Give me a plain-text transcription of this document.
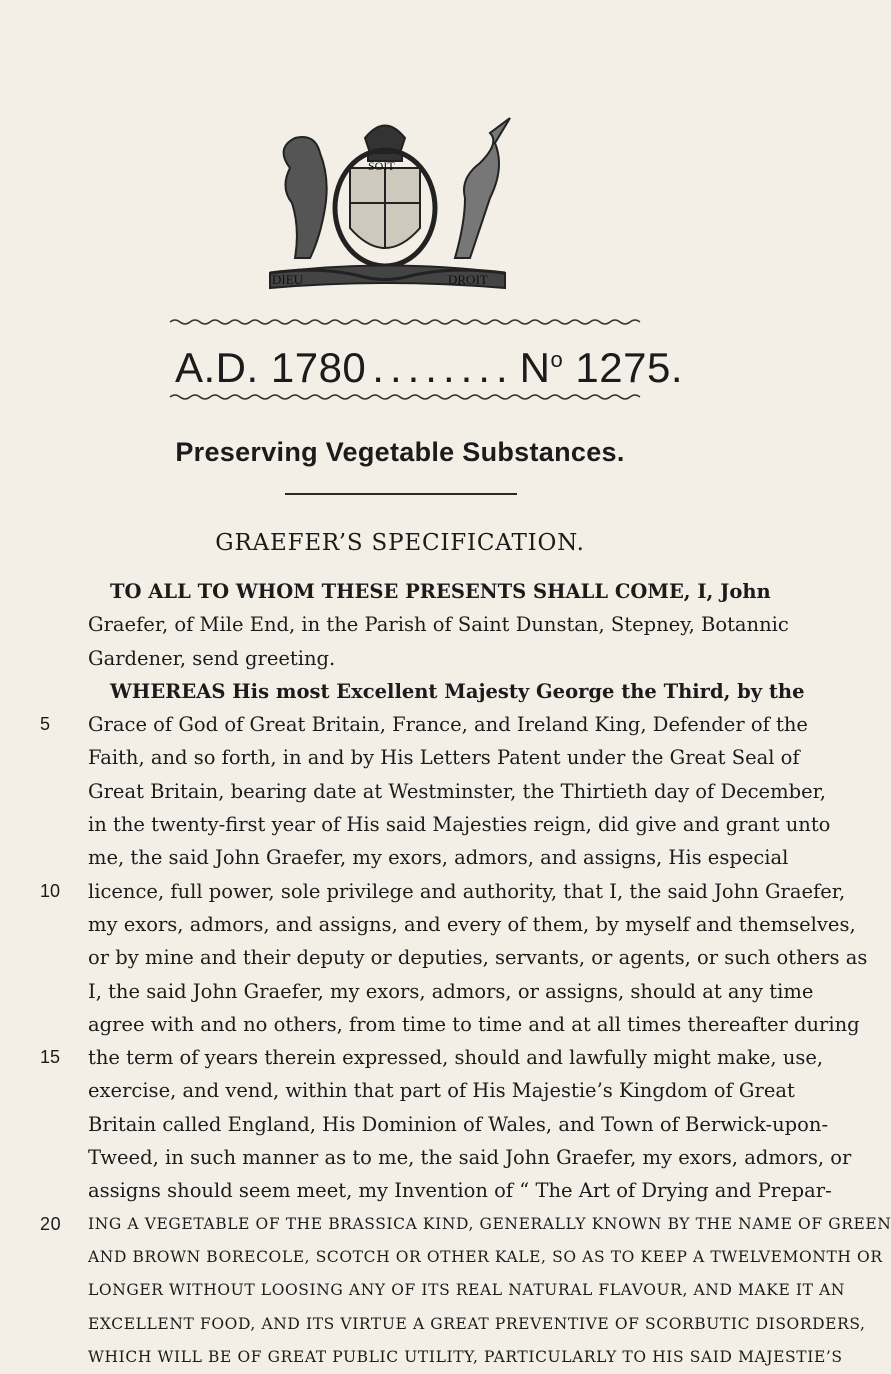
DIEU
SOIT
DROIT
A.D. 1780 ........ $N^o$ 1275.
Preserving Vegetable Substances.
GRAEFER’S SPECIFICATION.
TO ALL TO WHOM THESE PRESENTS SHALL COME, I, John
Graefer, of Mile End, in the Parish of Saint Dunstan, Stepney, Botannic
Gardener, send greeting.
WHEREAS His most Excellent Majesty George the Third, by the
5	Grace of God of Great Britain, France, and Ireland King, Defender of the
Faith, and so forth, in and by His Letters Patent under the Great Seal of
Great Britain, bearing date at Westminster, the Thirtieth day of December,
in the twenty-first year of His said Majesties reign, did give and grant unto
me, the said John Graefer, my exors, admors, and assigns, His especial
10	licence, full power, sole privilege and authority, that I, the said John Graefer,
my exors, admors, and assigns, and every of them, by myself and themselves,
or by mine and their deputy or deputies, servants, or agents, or such others as
I, the said John Graefer, my exors, admors, or assigns, should at any time
agree with and no others, from time to time and at all times thereafter during
15	the term of years therein expressed, should and lawfully might make, use,
exercise, and vend, within that part of His Majestie’s Kingdom of Great
Britain called England, His Dominion of Wales, and Town of Berwick-upon-
Tweed, in such manner as to me, the said John Graefer, my exors, admors, or
assigns should seem meet, my Invention of “ The Art of Drying and Prepar-
20	ING A VEGETABLE OF THE BRASSICA KIND, GENERALLY KNOWN BY THE NAME OF GREEN
AND BROWN BORECOLE, SCOTCH OR OTHER KALE, SO AS TO KEEP A TWELVEMONTH OR
LONGER WITHOUT LOOSING ANY OF ITS REAL NATURAL FLAVOUR, AND MAKE IT AN
EXCELLENT FOOD, AND ITS VIRTUE A GREAT PREVENTIVE OF SCORBUTIC DISORDERS,
WHICH WILL BE OF GREAT PUBLIC UTILITY, PARTICULARLY TO HIS SAID MAJESTIE’S
